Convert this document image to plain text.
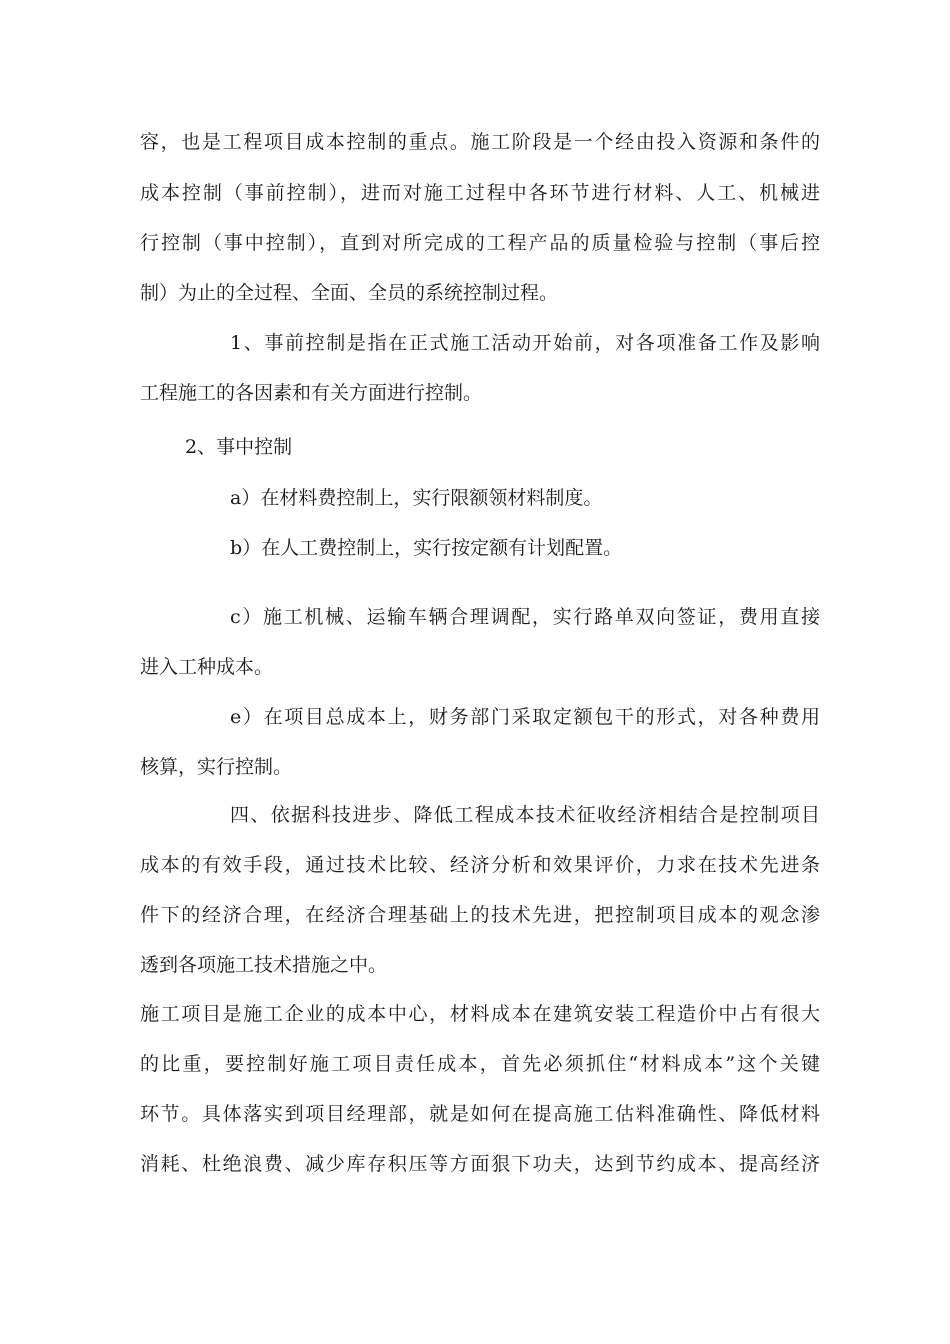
容，也是工程项目成本控制的重点。施工阶段是一个经由投入资源和条件的
成本控制（事前控制），进而对施工过程中各环节进行材料、人工、机械进
行控制（事中控制），直到对所完成的工程产品的质量检验与控制（事后控
制）为止的全过程、全面、全员的系统控制过程。
1、事前控制是指在正式施工活动开始前，对各项准备工作及影响
工程施工的各因素和有关方面进行控制。
2、事中控制
a）在材料费控制上，实行限额领材料制度。
b）在人工费控制上，实行按定额有计划配置。
c）施工机械、运输车辆合理调配，实行路单双向签证，费用直接
进入工种成本。
e）在项目总成本上，财务部门采取定额包干的形式，对各种费用
核算，实行控制。
四、依据科技进步、降低工程成本技术征收经济相结合是控制项目
成本的有效手段，通过技术比较、经济分析和效果评价，力求在技术先进条
件下的经济合理，在经济合理基础上的技术先进，把控制项目成本的观念渗
透到各项施工技术措施之中。
施工项目是施工企业的成本中心，材料成本在建筑安装工程造价中占有很大
的比重，要控制好施工项目责任成本，首先必须抓住“材料成本”这个关键
环节。具体落实到项目经理部，就是如何在提高施工估料准确性、降低材料
消耗、杜绝浪费、减少库存积压等方面狠下功夫，达到节约成本、提高经济
